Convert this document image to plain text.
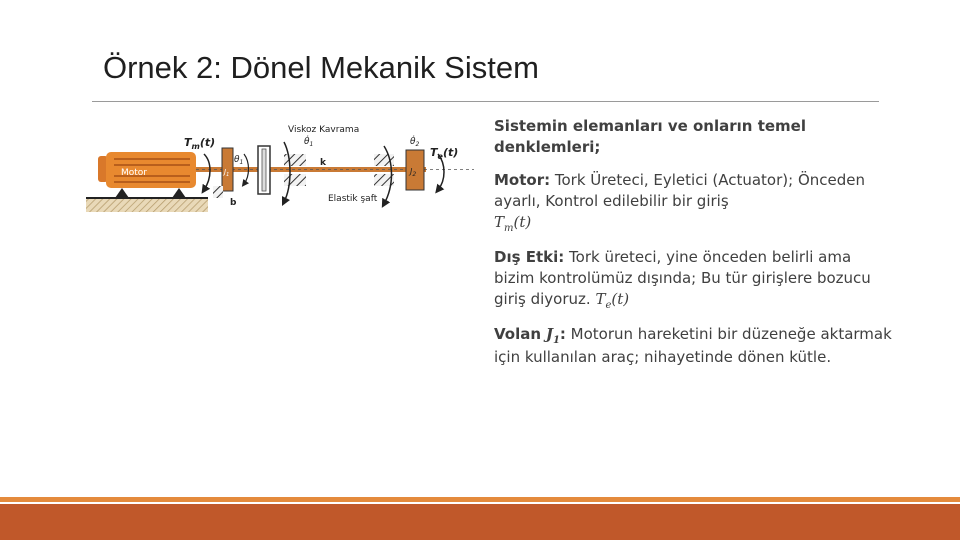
Örnek 2: Dönel Mekanik Sistem
Motor	$J_1$
b
k
$J_2$
$T_m(t)$
$\theta_1$
Viskoz Kavrama
$\thetȧ_1$	$\thetȧ_2$
$T_e(t)$
Elastik şaft

Sistemin elemanları ve onların temel denklemleri;

Motor: Tork Üreteci, Eyletici (Actuator); Önceden ayarlı, Kontrol edilebilir bir giriş
$T_m(t)$

Dış Etki: Tork üreteci, yine önceden belirli ama bizim kontrolümüz dışında; Bu tür girişlere bozucu giriş diyoruz. $T_e(t)$

Volan $J_1$: Motorun hareketini bir düzeneğe aktarmak için kullanılan araç; nihayetinde dönen kütle.
